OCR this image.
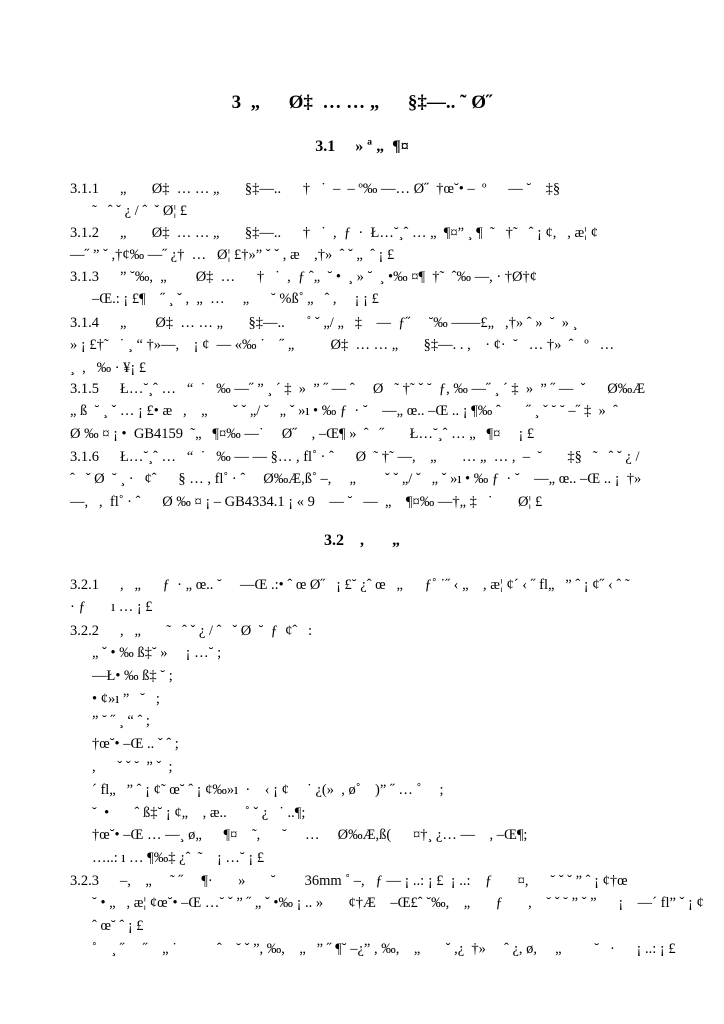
3  „      Ø‡  … … „      §‡—.. ˜ Ø˝
3.1     » ª „  ¶¤
3.1.1	„       Ø‡  … … „       §‡—..      †   ˙  –  – º‰ —… Ø˝  †œ˘• –  º      — ˘    ‡§
˜   ˆ ˇ ¿ / ˆ  ˇ Ø¦ £
3.1.2	„       Ø‡  … … „       §‡—..      †   ˙  ,  ƒ  ·  Ł…˘¸ˆ … „  ¶¤” ¸ ¶  ˜   †˜   ˆ ¡ ¢,   , æ¦ ¢
—˝ ” ˇ ,†¢‰ —˝ ¿†  …   Ø¦ £†»” ˇ ˇ , æ    ,†»  ˆ ˇ „  ˆ ¡ £
3.1.3	” ˘‰,  „        Ø‡  …      †   ˙  ,  ƒ ˆ„  ˘ •  ¸ » ˘  ¸ •‰ ¤¶  †˜  ˆ‰ —, · †Ø†¢
–Œ.: ¡ £¶    ˝ ¸ ˇ ,  „  …     „      ˘ %ß˚ „   ˆ ,     ¡ ¡ £
3.1.4	„        Ø‡  … … „       §‡—..      ˚ ˇ „/ „   ‡    —  ƒ˝     ˘‰ ——£„   ,†» ˆ »  ˘  » ¸
» ¡ £†˜   ˙ ¸ “ †»—,    ¡ ¢  — «‰ ˙    ˝ „          Ø‡  … … „       §‡—. . ,    · ¢·  ˘   … †»  ˆ   º   …
¸  ,   ‰ · ¥¡ £
3.1.5	Ł…˘¸ˆ …   “  ˙   ‰ —˝ ” ¸ ´ ‡  »  ” ˝ — ˆ     Ø   ˜ †˜ ˇ ˘  ƒ, ‰ —˝ ¸ ´ ‡  »  ” ˝ —  ˇ      Ø‰Æ
„ ß  ˘ ¸ ˇ … ¡ £• æ   ,    „       ˇ ˇ „/ ˇ   „ ˇ »ı • ‰ ƒ  · ˘    —„ œ.. –Œ .. ¡ ¶‰ ˆ       ˝ ¸ ˇ ˘ ˘ –˝ ‡  »  ˆ
Ø ‰ ¤ ¡ •  GB4159  ˜„   ¶¤‰ —˙     Ø˝    , –Œ¶ »  ˆ   ˝       Ł…˘¸ˆ … „   ¶¤     ¡ £
3.1.6	Ł…˘¸ˆ …   “  ˙   ‰ — — §… , fl˚ · ˆ      Ø  ˜ †˜ —,    „       … „  … ,  –  ˘       ‡§   ˜   ˆ ˇ ¿ /
ˆ   ˇ Ø  ˘ ¸ ·   ¢ˆ      § … , fl˚ · ˆ     Ø‰Æ,ß˚ –,     „        ˇ ˇ „/ ˇ   „ ˇ »ı • ‰ ƒ  · ˘    —„ œ.. –Œ .. ¡  †»
—,   ,  fl˚ · ˆ      Ø ‰ ¤ ¡ – GB4334.1 ¡ « 9    — ˘   —  „    ¶¤‰ —†„ ‡   ˙       Ø¦ £
3.2    ,       „
3.2.1	,   „      ƒ  · „ œ.. ˘     —Œ .:• ˆ œ Ø˝   ¡ £˘ ¿ˆ œ   „      ƒ˚ ˙˝ ‹ „    , æ¦ ¢´ ‹ ˝ fl„   ” ˆ ¡ ¢˝ ‹ ˆ ˜
· ƒ       ı … ¡ £
3.2.2	,   „       ˜   ˆ ˇ ¿ / ˆ   ˇ Ø  ˘  ƒ  ¢ˆ   :
„ ˇ • ‰ ß‡˘ »     ¡ …˘ ;
—Ł• ‰ ß‡ ˘ ;
• ¢»ı ”   ˘   ;
” ˘ ˝ ¸ “ ˆ ;
†œ˘• –Œ .. ˇ ˆ ;
,      ˇ ˇ ˘  ” ˇ  ;
´ fl„   ” ˆ ¡ ¢˜ œ˘ ˆ ¡ ¢‰»ı  ·    ‹ ¡ ¢     ˙ ¿(»  , ø˚    )” ˝ … ˚     ;
˘  •       ˆ ß‡˘ ¡ ¢„    , æ..     ˚ ˇ ¿   ˙ ..¶;
†œ˘• –Œ … —¸ ø„      ¶¤    ˜,      ˘     …     Ø‰Æ,ß(      ¤†¸ ¿… —    , –Œ¶;
…..: ı … ¶‰‡ ¿ˆ  ˜    ¡ …˘ ¡ £
3.2.3	–,    „     ˜ ˝     ¶·       »       ˘        36mm ˚ –,   ƒ — ¡ ..: ¡ £  ¡ ..:    ƒ       ¤,      ˘ ˇ ˇ ” ˆ ¡ ¢†œ
˘ • „   , æ¦ ¢œ˘• –Œ …˘ ˇ ” ˝ „ ˇ •‰ ¡ .. »       ¢†Æ    –Œ£ˆ ˘‰,    „       ƒ       ,    ˘ ˇ ˘ ” ˇ ”      ¡    —´ fl” ˇ ¡ ¢
ˆ œ˘ ˆ ¡ £
˚    ¸ ˝     ˝    „ ˙           ˆ    ˘ ˇ ”, ‰,    „   ” ˝ ¶˘ –¿” , ‰,    „       ˇ ,¿  †»     ˆ ¿, ø,     „         ˘   ·      ¡ ..: ¡ £
